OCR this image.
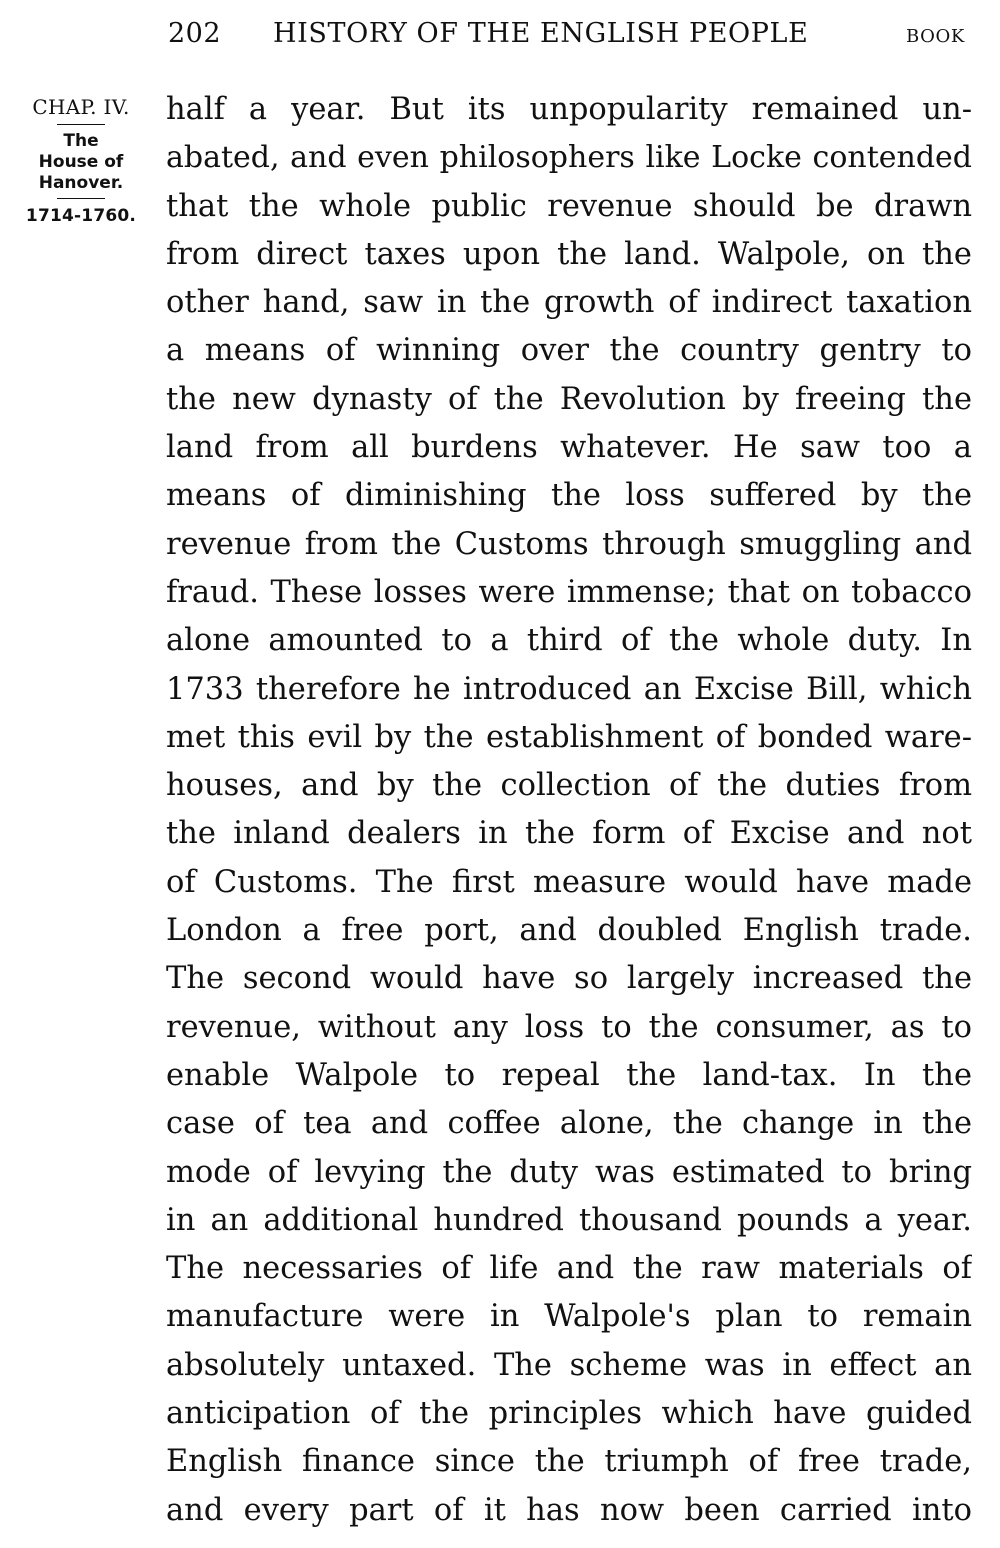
202 HISTORY OF THE ENGLISH PEOPLE	BOOK
CHAP. IV.
The
House of
Hanover.
1714-1760.
half a year. But its unpopularity remained un-
abated, and even philosophers like Locke contended
that the whole public revenue should be drawn
from direct taxes upon the land. Walpole, on the
other hand, saw in the growth of indirect taxation
a means of winning over the country gentry to
the new dynasty of the Revolution by freeing the
land from all burdens whatever. He saw too a
means of diminishing the loss suffered by the
revenue from the Customs through smuggling and
fraud. These losses were immense; that on tobacco
alone amounted to a third of the whole duty. In
1733 therefore he introduced an Excise Bill, which
met this evil by the establishment of bonded ware-
houses, and by the collection of the duties from
the inland dealers in the form of Excise and not
of Customs. The first measure would have made
London a free port, and doubled English trade.
The second would have so largely increased the
revenue, without any loss to the consumer, as to
enable Walpole to repeal the land-tax. In the
case of tea and coffee alone, the change in the
mode of levying the duty was estimated to bring
in an additional hundred thousand pounds a year.
The necessaries of life and the raw materials of
manufacture were in Walpole's plan to remain
absolutely untaxed. The scheme was in effect an
anticipation of the principles which have guided
English finance since the triumph of free trade,
and every part of it has now been carried into
